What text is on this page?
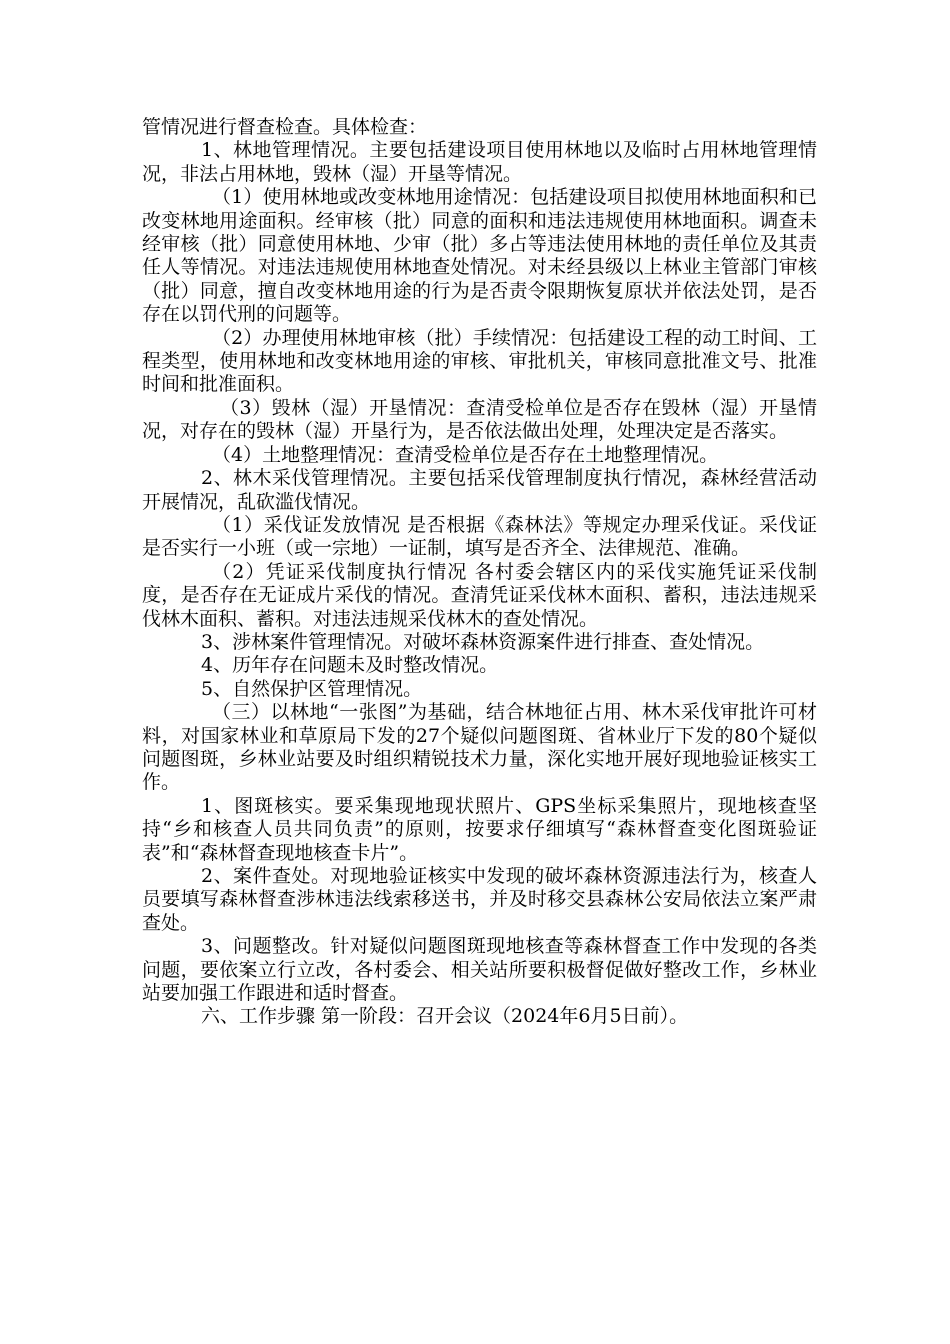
管情况进行督查检查。具体检查：

1、林地管理情况。主要包括建设项目使用林地以及临时占用林地管理情况，非法占用林地，毁林（湿）开垦等情况。

（1）使用林地或改变林地用途情况：包括建设项目拟使用林地面积和已改变林地用途面积。经审核（批）同意的面积和违法违规使用林地面积。调查未经审核（批）同意使用林地、少审（批）多占等违法使用林地的责任单位及其责任人等情况。对违法违规使用林地查处情况。对未经县级以上林业主管部门审核（批）同意，擅自改变林地用途的行为是否责令限期恢复原状并依法处罚，是否存在以罚代刑的问题等。

（2）办理使用林地审核（批）手续情况：包括建设工程的动工时间、工程类型，使用林地和改变林地用途的审核、审批机关，审核同意批准文号、批准时间和批准面积。

（3）毁林（湿）开垦情况：查清受检单位是否存在毁林（湿）开垦情况，对存在的毁林（湿）开垦行为，是否依法做出处理，处理决定是否落实。

（4）土地整理情况：查清受检单位是否存在土地整理情况。

2、林木采伐管理情况。主要包括采伐管理制度执行情况，森林经营活动开展情况，乱砍滥伐情况。

（1）采伐证发放情况 是否根据《森林法》等规定办理采伐证。采伐证是否实行一小班（或一宗地）一证制，填写是否齐全、法律规范、准确。

（2）凭证采伐制度执行情况 各村委会辖区内的采伐实施凭证采伐制度，是否存在无证成片采伐的情况。查清凭证采伐林木面积、蓄积，违法违规采伐林木面积、蓄积。对违法违规采伐林木的查处情况。

3、涉林案件管理情况。对破坏森林资源案件进行排查、查处情况。

4、历年存在问题未及时整改情况。

5、自然保护区管理情况。

（三）以林地“一张图”为基础，结合林地征占用、林木采伐审批许可材料，对国家林业和草原局下发的27个疑似问题图斑、省林业厅下发的80个疑似问题图斑，乡林业站要及时组织精锐技术力量，深化实地开展好现地验证核实工作。

1、图斑核实。要采集现地现状照片、GPS坐标采集照片，现地核查坚持“乡和核查人员共同负责”的原则，按要求仔细填写“森林督查变化图斑验证表”和“森林督查现地核查卡片”。

2、案件查处。对现地验证核实中发现的破坏森林资源违法行为，核查人员要填写森林督查涉林违法线索移送书，并及时移交县森林公安局依法立案严肃查处。

3、问题整改。针对疑似问题图斑现地核查等森林督查工作中发现的各类问题，要依案立行立改，各村委会、相关站所要积极督促做好整改工作，乡林业站要加强工作跟进和适时督查。

六、工作步骤 第一阶段：召开会议（2024年6月5日前）。
